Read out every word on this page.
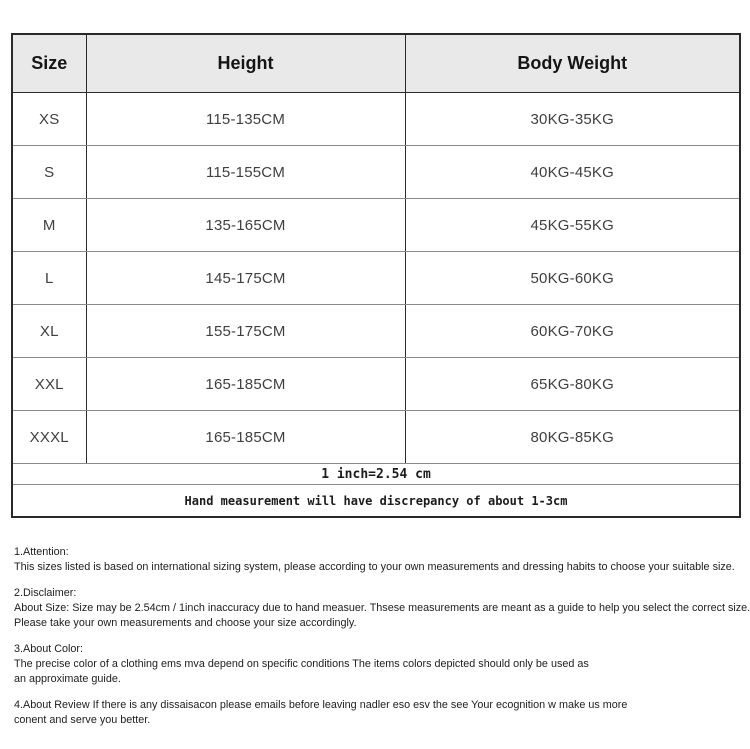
Size	Height	Body Weight
XS	115-135CM	30KG-35KG
S	115-155CM	40KG-45KG
M	135-165CM	45KG-55KG
L	145-175CM	50KG-60KG
XL	155-175CM	60KG-70KG
XXL	165-185CM	65KG-80KG
XXXL	165-185CM	80KG-85KG
1 inch=2.54 cm		
Hand measurement will have discrepancy of about 1-3cm		
1.Attention:
This sizes listed is based on international sizing system, please according to your own measurements and dressing habits to choose your suitable size.
2.Disclaimer:
About Size: Size may be 2.54cm / 1inch inaccuracy due to hand measuer. Thsese measurements are meant as a guide to help you select the correct size.
Please take your own measurements and choose your size accordingly.
3.About Color:
The precise color of a clothing ems mva depend on specific conditions The items colors depicted should only be used as
an approximate guide.
4.About Review If there is any dissaisacon please emails before leaving nadler eso esv the see Your ecognition w make us more
conent and serve you better.
